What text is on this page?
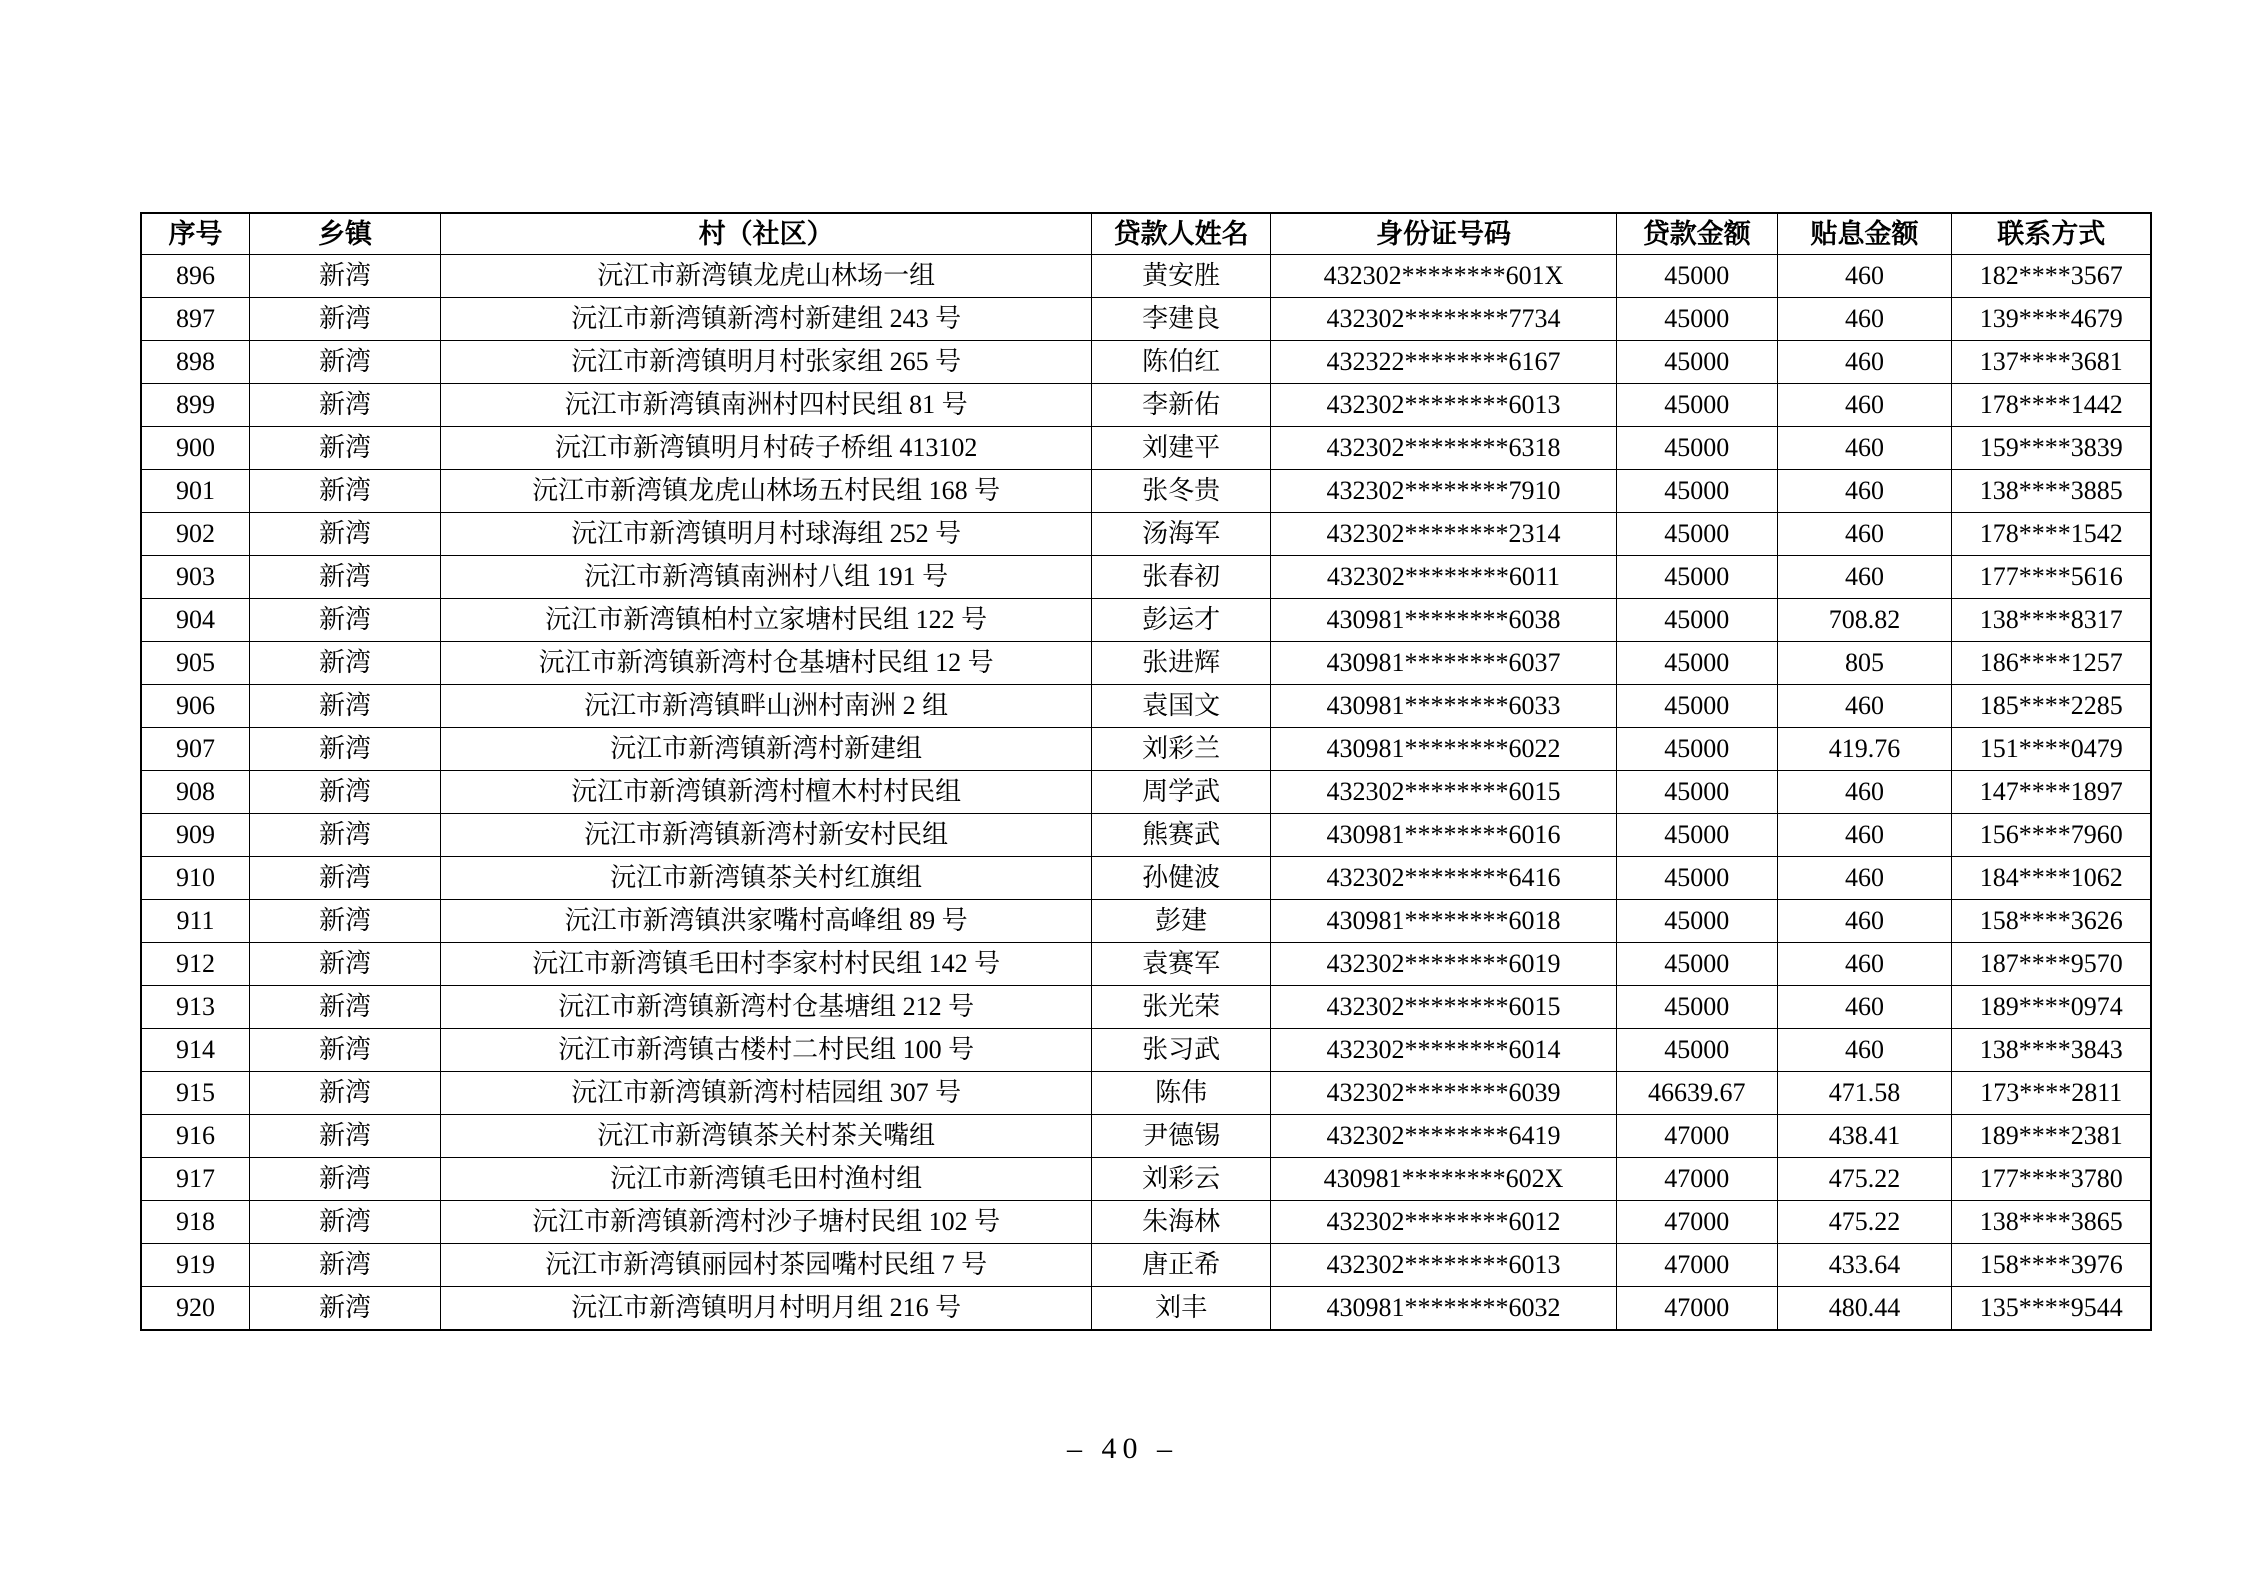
序号	乡镇	村（社区）	贷款人姓名	身份证号码	贷款金额	贴息金额	联系方式
896	新湾	沅江市新湾镇龙虎山林场一组	黄安胜	432302********601X	45000	460	182****3567
897	新湾	沅江市新湾镇新湾村新建组 243 号	李建良	432302********7734	45000	460	139****4679
898	新湾	沅江市新湾镇明月村张家组 265 号	陈伯红	432322********6167	45000	460	137****3681
899	新湾	沅江市新湾镇南洲村四村民组 81 号	李新佑	432302********6013	45000	460	178****1442
900	新湾	沅江市新湾镇明月村砖子桥组 413102	刘建平	432302********6318	45000	460	159****3839
901	新湾	沅江市新湾镇龙虎山林场五村民组 168 号	张冬贵	432302********7910	45000	460	138****3885
902	新湾	沅江市新湾镇明月村球海组 252 号	汤海军	432302********2314	45000	460	178****1542
903	新湾	沅江市新湾镇南洲村八组 191 号	张春初	432302********6011	45000	460	177****5616
904	新湾	沅江市新湾镇柏村立家塘村民组 122 号	彭运才	430981********6038	45000	708.82	138****8317
905	新湾	沅江市新湾镇新湾村仓基塘村民组 12 号	张进辉	430981********6037	45000	805	186****1257
906	新湾	沅江市新湾镇畔山洲村南洲 2 组	袁国文	430981********6033	45000	460	185****2285
907	新湾	沅江市新湾镇新湾村新建组	刘彩兰	430981********6022	45000	419.76	151****0479
908	新湾	沅江市新湾镇新湾村檀木村村民组	周学武	432302********6015	45000	460	147****1897
909	新湾	沅江市新湾镇新湾村新安村民组	熊赛武	430981********6016	45000	460	156****7960
910	新湾	沅江市新湾镇茶关村红旗组	孙健波	432302********6416	45000	460	184****1062
911	新湾	沅江市新湾镇洪家嘴村高峰组 89 号	彭建	430981********6018	45000	460	158****3626
912	新湾	沅江市新湾镇毛田村李家村村民组 142 号	袁赛军	432302********6019	45000	460	187****9570
913	新湾	沅江市新湾镇新湾村仓基塘组 212 号	张光荣	432302********6015	45000	460	189****0974
914	新湾	沅江市新湾镇古楼村二村民组 100 号	张习武	432302********6014	45000	460	138****3843
915	新湾	沅江市新湾镇新湾村桔园组 307 号	陈伟	432302********6039	46639.67	471.58	173****2811
916	新湾	沅江市新湾镇茶关村茶关嘴组	尹德锡	432302********6419	47000	438.41	189****2381
917	新湾	沅江市新湾镇毛田村渔村组	刘彩云	430981********602X	47000	475.22	177****3780
918	新湾	沅江市新湾镇新湾村沙子塘村民组 102 号	朱海林	432302********6012	47000	475.22	138****3865
919	新湾	沅江市新湾镇丽园村茶园嘴村民组 7 号	唐正希	432302********6013	47000	433.64	158****3976
920	新湾	沅江市新湾镇明月村明月组 216 号	刘丰	430981********6032	47000	480.44	135****9544
– 40 –
